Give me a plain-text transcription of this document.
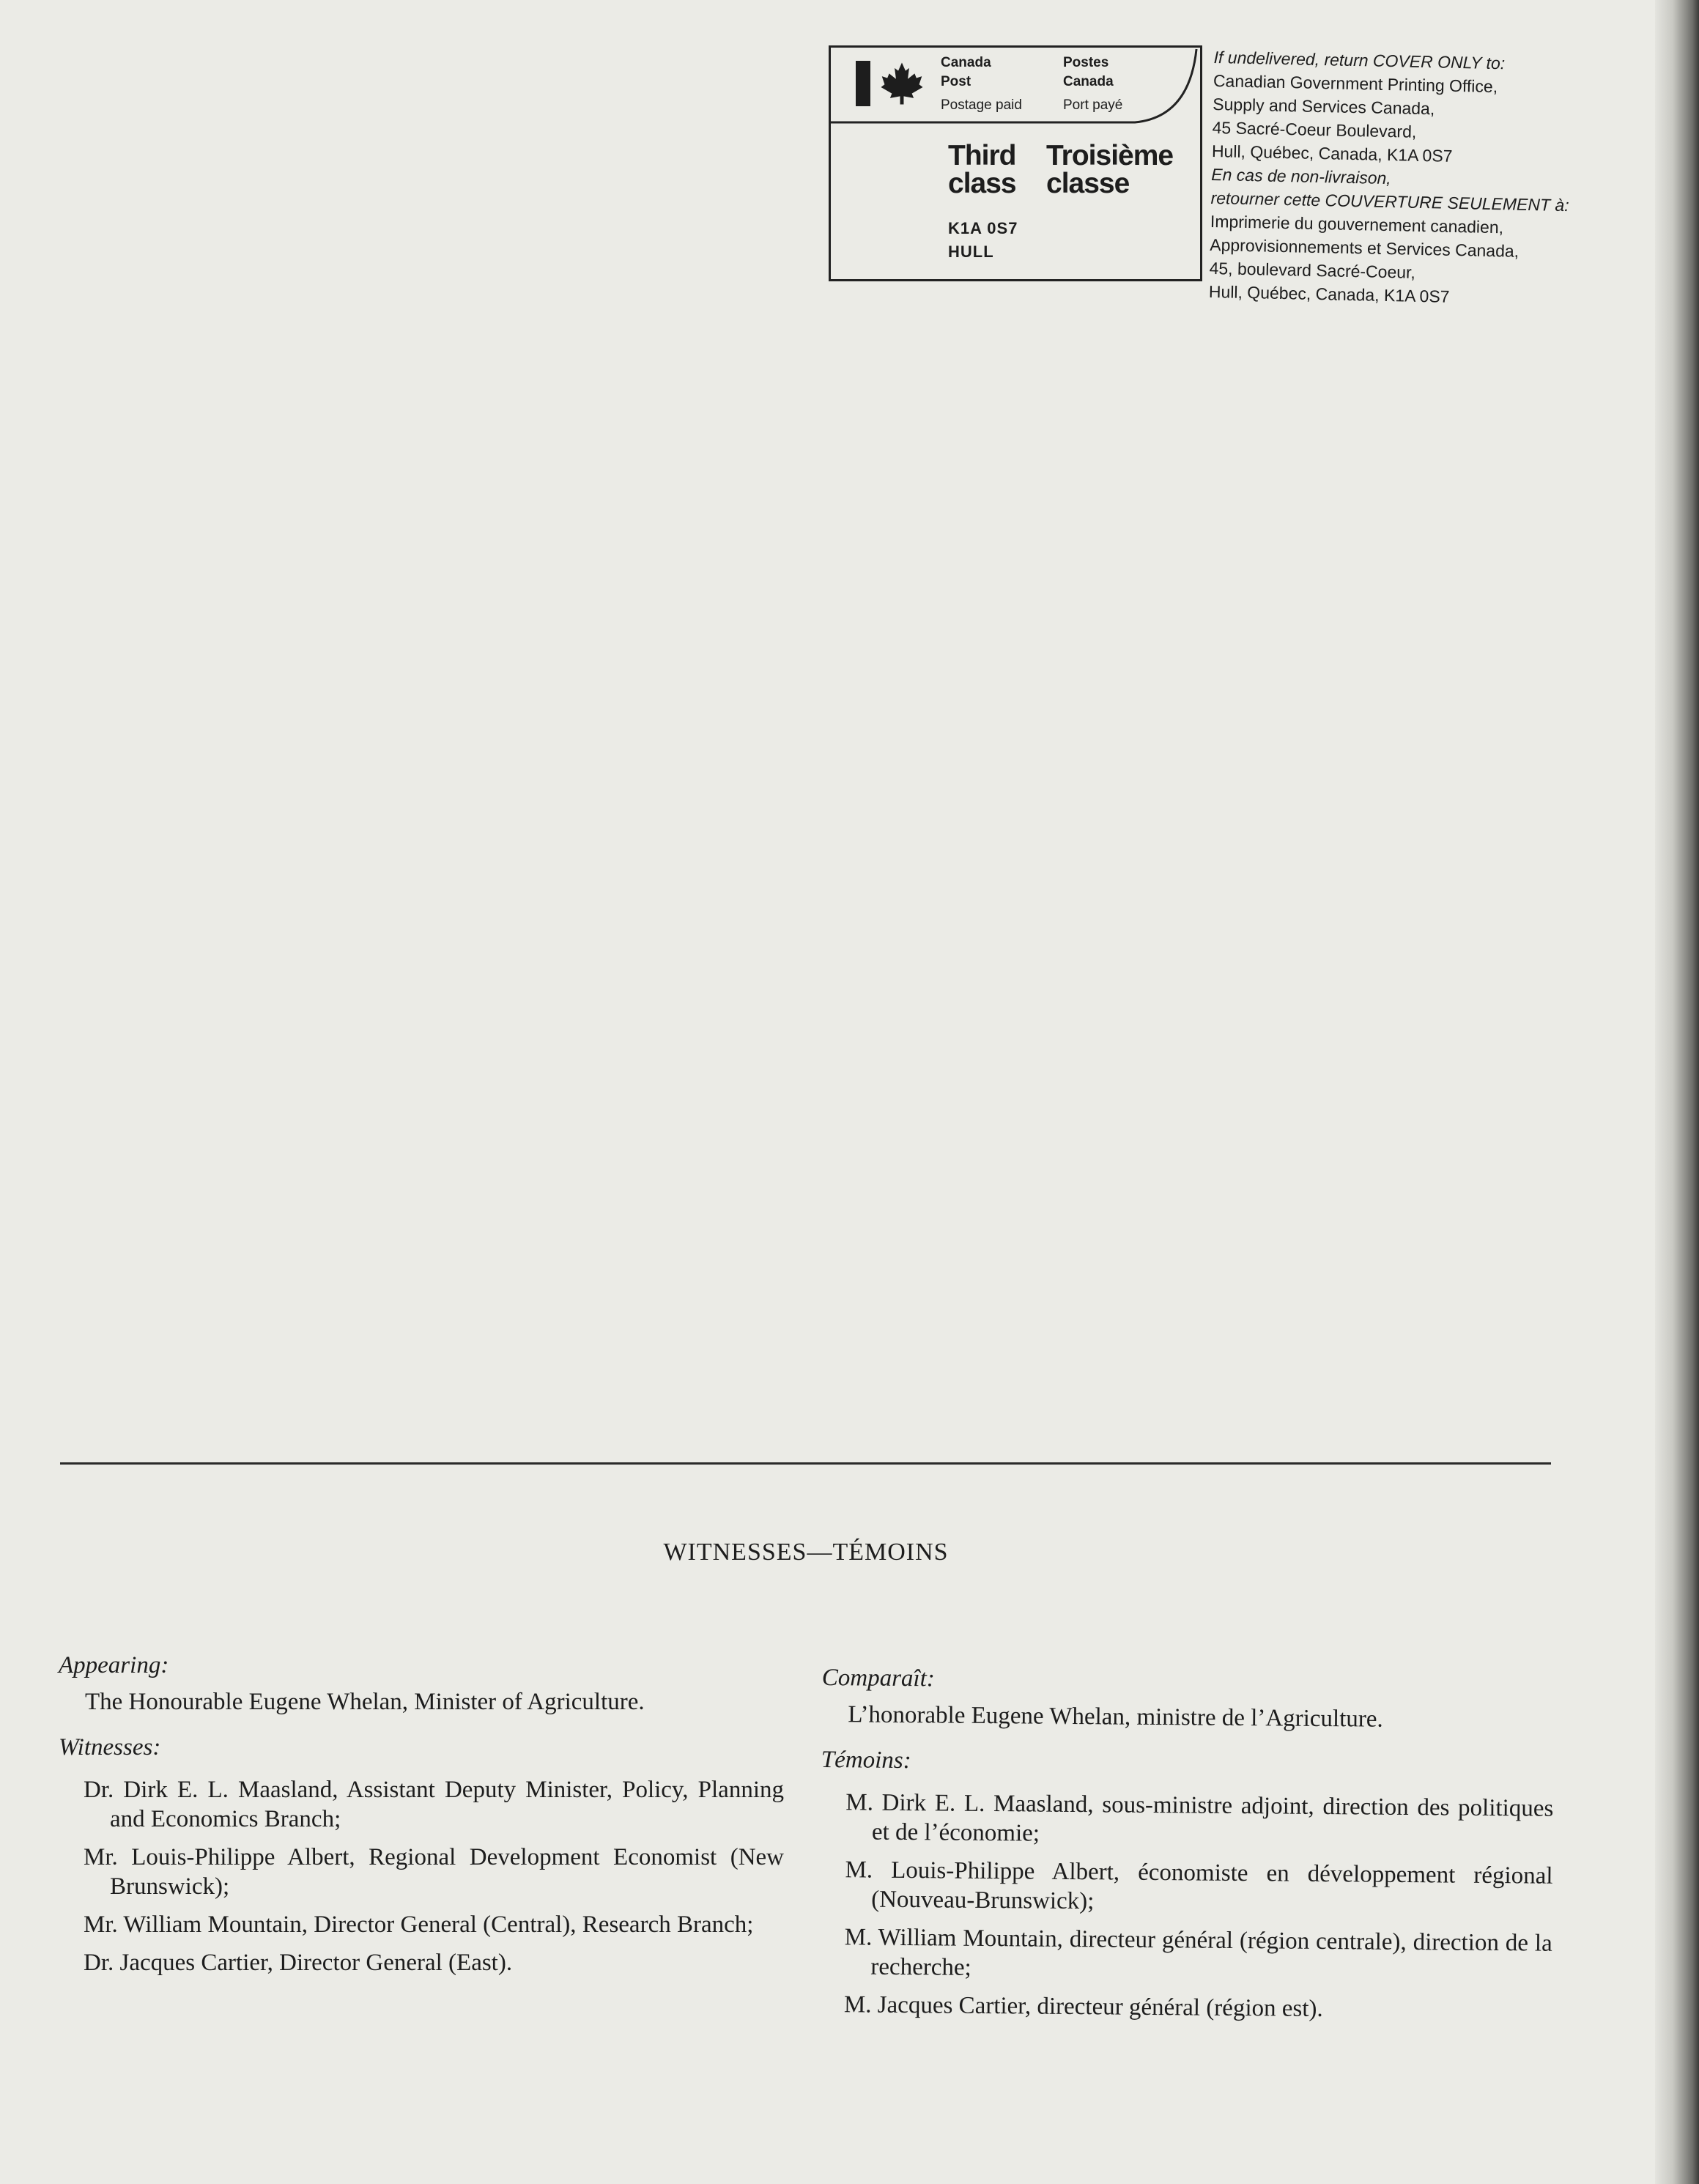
Canada
Post
Postage paid
Postes
Canada
Port payé
Third
class
Troisième
classe
K1A 0S7
HULL
If undelivered, return COVER ONLY to:
Canadian Government Printing Office,
Supply and Services Canada,
45 Sacré-Coeur Boulevard,
Hull, Québec, Canada, K1A 0S7
En cas de non-livraison,
retourner cette COUVERTURE SEULEMENT à:
Imprimerie du gouvernement canadien,
Approvisionnements et Services Canada,
45, boulevard Sacré-Coeur,
Hull, Québec, Canada, K1A 0S7
WITNESSES—TÉMOINS
Appearing:
The Honourable Eugene Whelan, Minister of Agriculture.
Witnesses:
Dr. Dirk E. L. Maasland, Assistant Deputy Minister, Policy, Planning and Economics Branch;
Mr. Louis-Philippe Albert, Regional Development Economist (New Brunswick);
Mr. William Mountain, Director General (Central), Research Branch;
Dr. Jacques Cartier, Director General (East).
Comparaît:
L’honorable Eugene Whelan, ministre de l’Agriculture.
Témoins:
M. Dirk E. L. Maasland, sous-ministre adjoint, direction des politiques et de l’économie;
M. Louis-Philippe Albert, économiste en développement régional (Nouveau-Brunswick);
M. William Mountain, directeur général (région centrale), direction de la recherche;
M. Jacques Cartier, directeur général (région est).
